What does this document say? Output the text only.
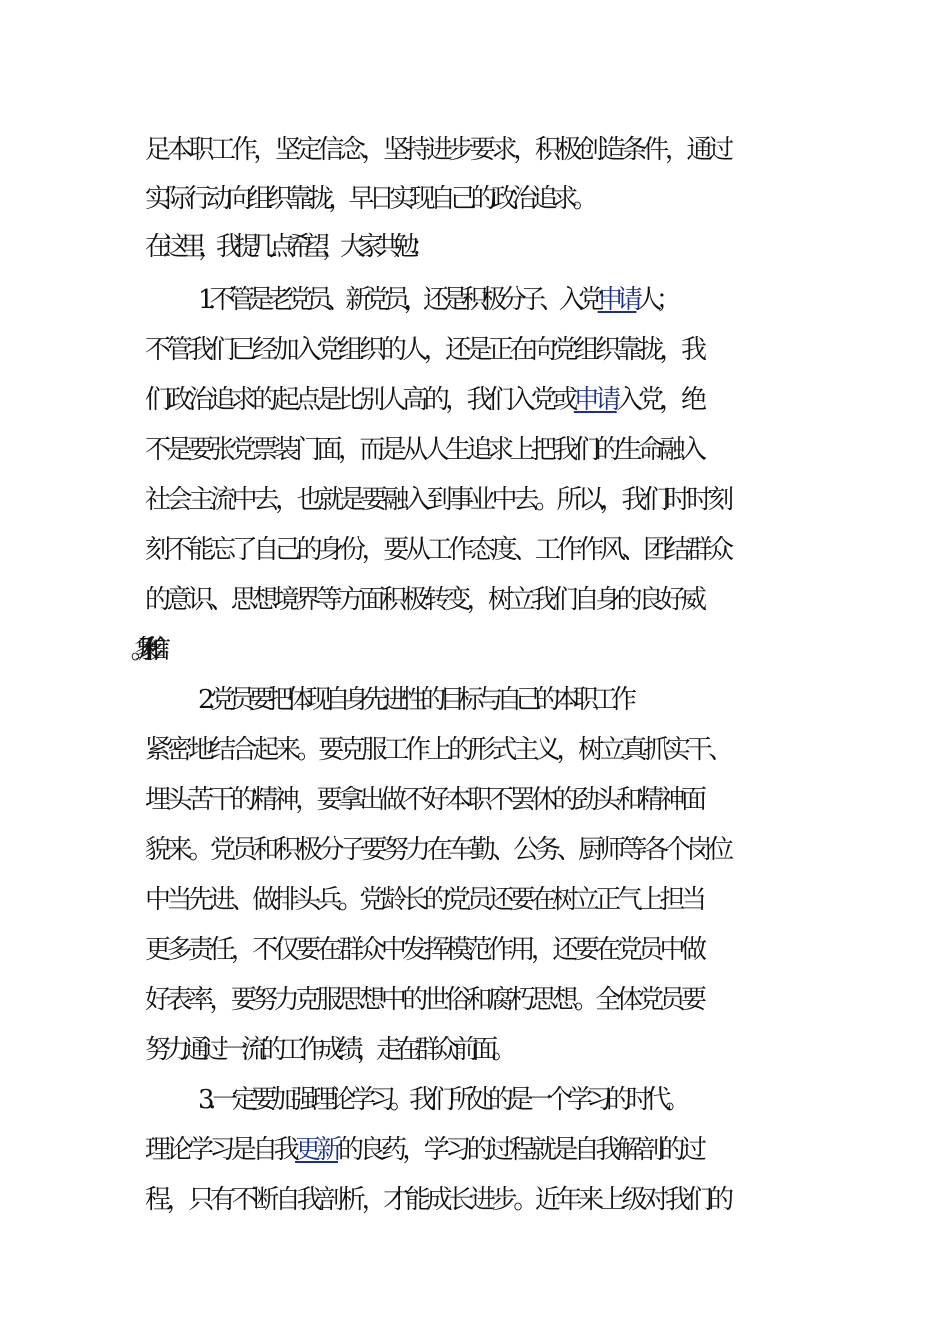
足本职工作，坚定信念，坚持进步要求，积极创造条件，通过
实际行动向组织靠拢，早日实现自己的政治追求。
在这里，我提几点希望，大家共勉：
1.不管是老党员、新党员，还是积极分子、入党申请人；
不管我们已经加入党组织的人，还是正在向党组织靠拢，我
们政治追求的起点是比别人高的，我们入党或申请入党，绝
不是要张党票装门面，而是从人生追求上把我们的生命融入
社会主流中去，也就是要融入到事业中去。所以，我们时时刻
刻不能忘了自己的身份，要从工作态度、工作作风、团结群众
的意识、思想境界等方面积极转变，树立我们自身的良好威
2. 党员要把体现自身先进性的目标与自己的本职工作
紧密地结合起来。要克服工作上的形式主义，树立真抓实干、
埋头苦干的精神，要拿出做不好本职不罢休的劲头和精神面
貌来。党员和积极分子要努力在车勤、公务、厨师等各个岗位
中当先进、做排头兵。党龄长的党员还要在树立正气上担当
更多责任，不仅要在群众中发挥模范作用，还要在党员中做
好表率，要努力克服思想中的世俗和腐朽思想。全体党员要
努力通过一流的工作成绩，走在群众前面。
3. 一定要加强理论学习。我们所处的是一个学习的时代。
理论学习是自我更新的良药，学习的过程就是自我解剖的过
程，只有不断自我剖析，才能成长进步。近年来上级对我们的
